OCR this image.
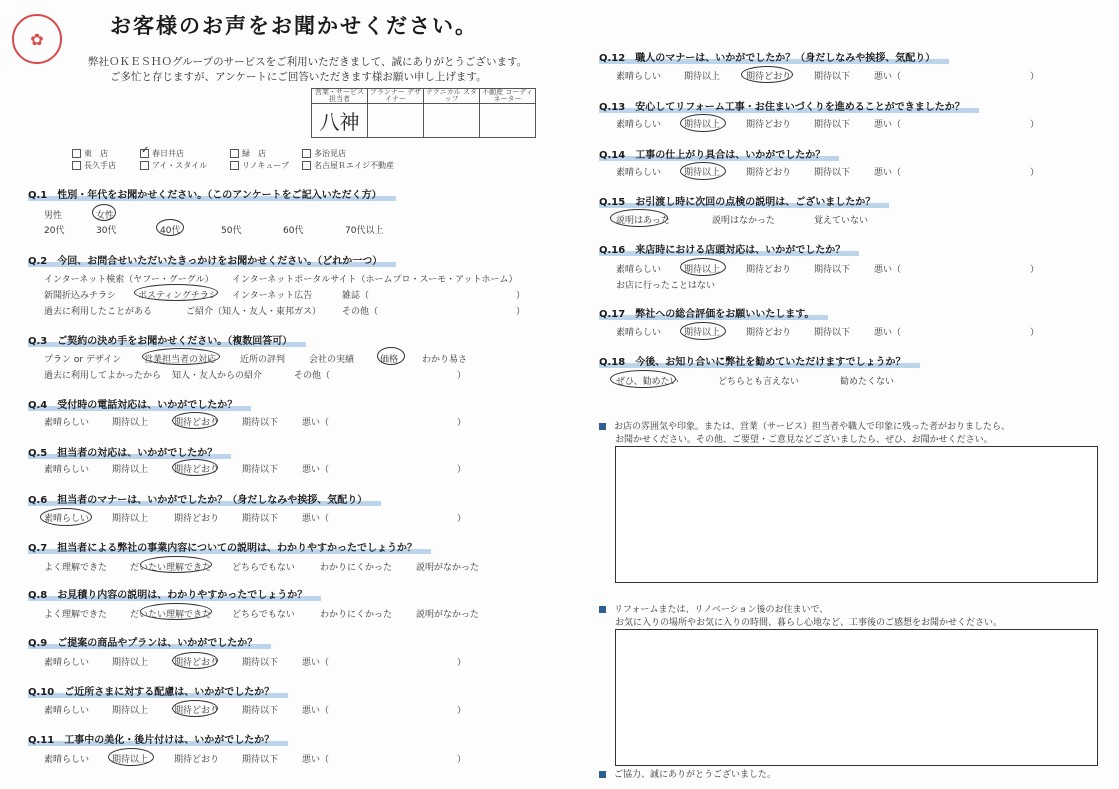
✿
お客様のお声をお聞かせください。
弊社ＯＫＥＳＨＯグループのサービスをご利用いただきまして、誠にありがとうございます。
ご多忙と存じますが、アンケートにご回答いただきます様お願い申し上げます。
営業・サービス 担当者	プランナー デザイナー	テクニカル スタッフ	不動産 コーディネーター
八神			
東　店	✓ 春日井店	緑　店	多治見店
長久手店	アイ・スタイル	リノキューブ	名古屋Ｒエイジ不動産
Q.1　性別・年代をお聞かせください。（このアンケートをご記入いただく方）
男性	女性
20代	30代	40代	50代	60代	70代以上
Q.2　今回、お問合せいただいたきっかけをお聞かせください。（どれか一つ）
インターネット検索（ヤフー・グーグル） インターネットポータルサイト（ホームプロ・スーモ・アットホーム）
新聞折込みチラシ ポスティングチラシ インターネット広告	雑誌（	）
過去に利用したことがある	ご紹介（知人・友人・東邦ガス） その他（	）
Q.3　ご契約の決め手をお聞かせください。（複数回答可）
プラン or デザイン	営業担当者の対応	近所の評判	会社の実績	価格	わかり易さ
過去に利用してよかったから 知人・友人からの紹介	その他（	）
Q.4　受付時の電話対応は、いかがでしたか？
Q.5　担当者の対応は、いかがでしたか？
Q.6　担当者のマナーは、いかがでしたか？（身だしなみや挨拶、気配り）
Q.7　担当者による弊社の事業内容についての説明は、わかりやすかったでしょうか？
よく理解できた	だいたい理解できた どちらでもない	わかりにくかった	説明がなかった
Q.8　お見積り内容の説明は、わかりやすかったでしょうか？
よく理解できた	だいたい理解できた どちらでもない	わかりにくかった	説明がなかった
Q.9　ご提案の商品やプランは、いかがでしたか？
Q.10　ご近所さまに対する配慮は、いかがでしたか？
Q.11　工事中の美化・後片付けは、いかがでしたか？
素晴らしい	期待以上	期待どおり	期待以下	悪い（	）
素晴らしい	期待以上	期待どおり	期待以下	悪い（	）
素晴らしい	期待以上	期待どおり	期待以下	悪い（	）
素晴らしい	期待以上	期待どおり	期待以下	悪い（	）
素晴らしい	期待以上	期待どおり	期待以下	悪い（	）
素晴らしい	期待以上	期待どおり	期待以下	悪い（	）
素晴らしい	期待以上	期待どおり	期待以下	悪い（	）
素晴らしい	期待以上	期待どおり	期待以下	悪い（	）
素晴らしい	期待以上	期待どおり	期待以下	悪い（	）
素晴らしい	期待以上	期待どおり	期待以下	悪い（	）
素晴らしい	期待以上	期待どおり	期待以下	悪い（	）
Q.12　職人のマナーは、いかがでしたか？（身だしなみや挨拶、気配り）
Q.13　安心してリフォーム工事・お住まいづくりを進めることができましたか？
Q.14　工事の仕上がり具合は、いかがでしたか？
Q.15　お引渡し時に次回の点検の説明は、ございましたか？
説明はあった	説明はなかった	覚えていない
Q.16　来店時における店頭対応は、いかがでしたか？
お店に行ったことはない
Q.17　弊社への総合評価をお願いいたします。
Q.18　今後、お知り合いに弊社を勧めていただけますでしょうか？
ぜひ、勧めたい	どちらとも言えない	勧めたくない
お店の雰囲気や印象。または、営業（サービス）担当者や職人で印象に残った者がおりましたら、
お聞かせください。その他、ご要望・ご意見などございましたら、ぜひ、お聞かせください。
リフォームまたは、リノベーション後のお住まいで、
お気に入りの場所やお気に入りの時間、暮らし心地など、工事後のご感想をお聞かせください。
ご協力、誠にありがとうございました。
